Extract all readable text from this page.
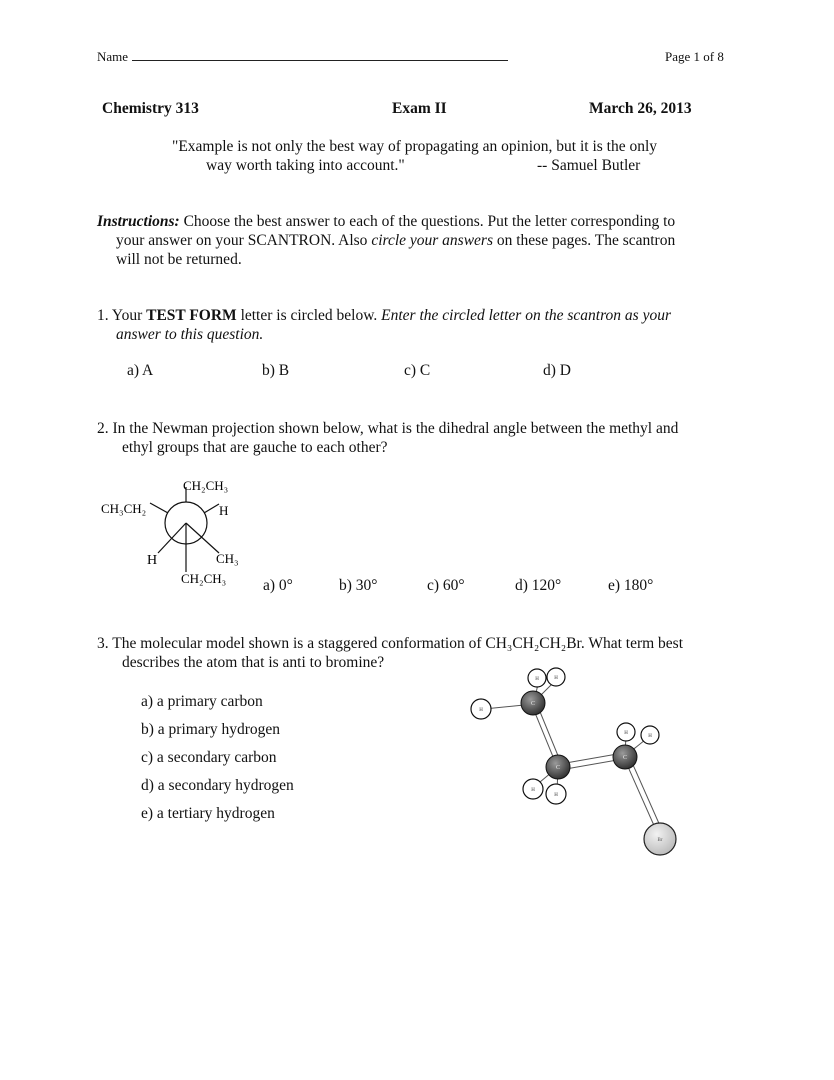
Name	Page 1 of 8
Chemistry 313	Exam II	March 26, 2013
"Example is not only the best way of propagating an opinion, but it is the only
way worth taking into account."	-- Samuel Butler
Instructions: Choose the best answer to each of the questions. Put the letter corresponding to
your answer on your SCANTRON. Also circle your answers on these pages. The scantron
will not be returned.
1. Your TEST FORM letter is circled below. Enter the circled letter on the scantron as your
answer to this question.
a) A	b) B	c) C	d) D
2. In the Newman projection shown below, what is the dihedral angle between the methyl and
ethyl groups that are gauche to each other?
CH₂CH₃
CH₃CH₂	H
H	CH₃
CH₂CH₃ a) 0°	b) 30°	c) 60°	d) 120°	e) 180°
3. The molecular model shown is a staggered conformation of CH₃CH₂CH₂Br. What term best
describes the atom that is anti to bromine?
a) a primary carbon
b) a primary hydrogen
c) a secondary carbon
d) a secondary hydrogen
e) a tertiary hydrogen
H
H	H
H
H
H
H
C
C
C
Br
